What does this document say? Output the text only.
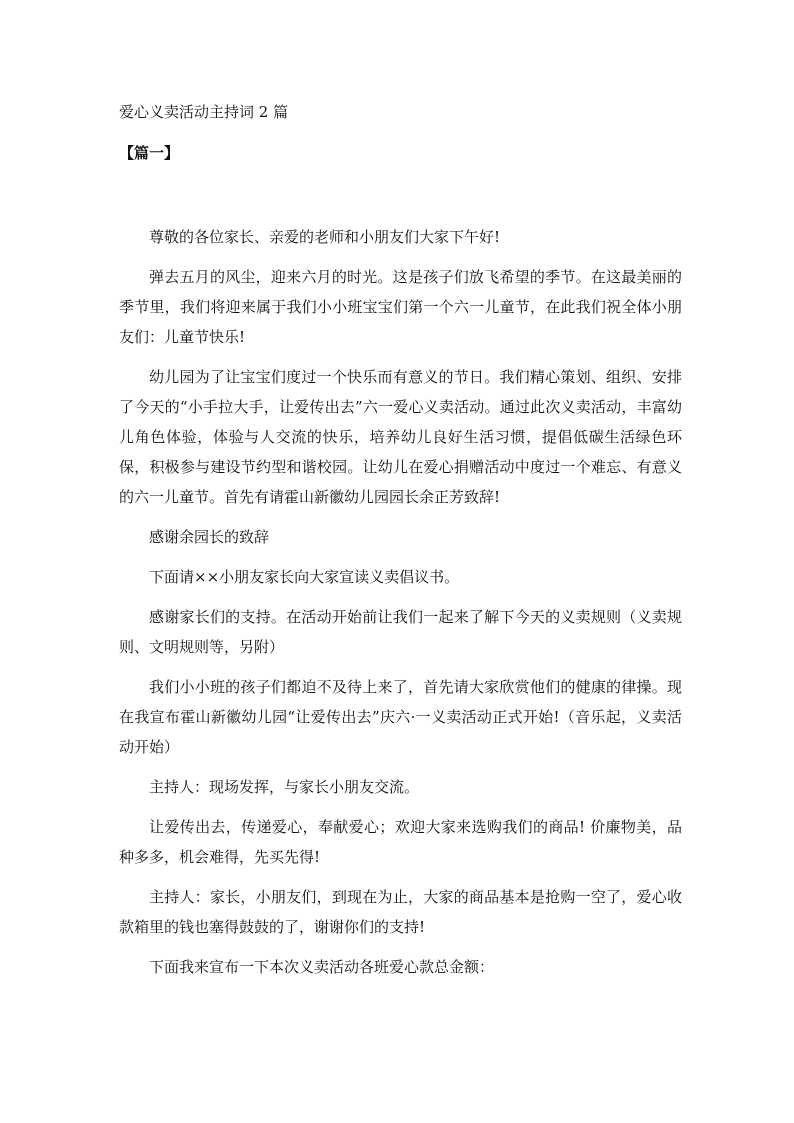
爱心义卖活动主持词 2 篇
【篇一】

尊敬的各位家长、亲爱的老师和小朋友们大家下午好!

弹去五月的风尘，迎来六月的时光。这是孩子们放飞希望的季节。在这最美丽的季节里，我们将迎来属于我们小小班宝宝们第一个六一儿童节，在此我们祝全体小朋友们：儿童节快乐!

幼儿园为了让宝宝们度过一个快乐而有意义的节日。我们精心策划、组织、安排了今天的“小手拉大手，让爱传出去”六一爱心义卖活动。通过此次义卖活动，丰富幼儿角色体验，体验与人交流的快乐，培养幼儿良好生活习惯，提倡低碳生活绿色环保，积极参与建设节约型和谐校园。让幼儿在爱心捐赠活动中度过一个难忘、有意义的六一儿童节。首先有请霍山新徽幼儿园园长余正芳致辞!

感谢余园长的致辞

下面请××小朋友家长向大家宣读义卖倡议书。

感谢家长们的支持。在活动开始前让我们一起来了解下今天的义卖规则（义卖规则、文明规则等，另附）

我们小小班的孩子们都迫不及待上来了，首先请大家欣赏他们的健康的律操。现在我宣布霍山新徽幼儿园“让爱传出去”庆六·一义卖活动正式开始!（音乐起，义卖活动开始）

主持人：现场发挥，与家长小朋友交流。

让爱传出去，传递爱心，奉献爱心；欢迎大家来选购我们的商品! 价廉物美，品种多多，机会难得，先买先得!

主持人：家长，小朋友们，到现在为止，大家的商品基本是抢购一空了，爱心收款箱里的钱也塞得鼓鼓的了，谢谢你们的支持!

下面我来宣布一下本次义卖活动各班爱心款总金额：
